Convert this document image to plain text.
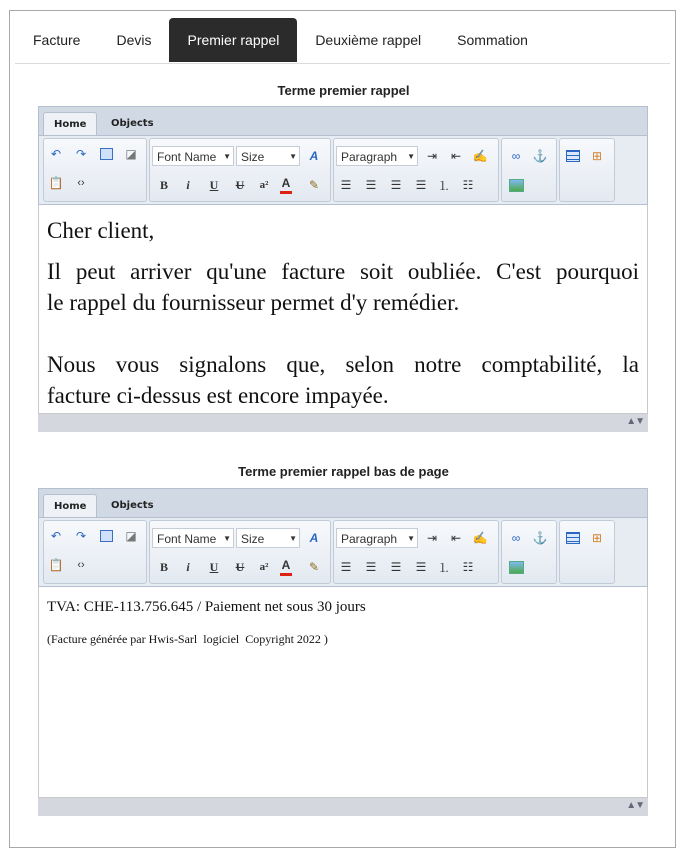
Facture	Devis	Premier rappel	Deuxième rappel	Sommation
Terme premier rappel
Home	Objects
↶	↷	◪
📋	‹›
Font Name ▼ Size	▼	A
B	i	U	U	a²	A	✎
Paragraph ▼ ⇥	⇤ ✍
☰	☰	☰	☰ ⒈	☷
∞	⚓	⊞

Cher client,

Il peut arriver qu'une facture soit oubliée. C'est pourquoi

le rappel du fournisseur permet d'y remédier.

Nous vous signalons que, selon notre comptabilité, la

facture ci-dessus est encore impayée.

▲▼
Terme premier rappel bas de page
Home	Objects
↶	↷	◪
📋	‹›
Font Name ▼ Size	▼	A
B	i	U	U	a²	A	✎
Paragraph ▼ ⇥	⇤ ✍
☰	☰	☰	☰ ⒈	☷
∞	⚓	⊞

TVA: CHE-113.756.645 / Paiement net sous 30 jours

(Facture générée par Hwis-Sarl  logiciel  Copyright 2022 )

▲▼
